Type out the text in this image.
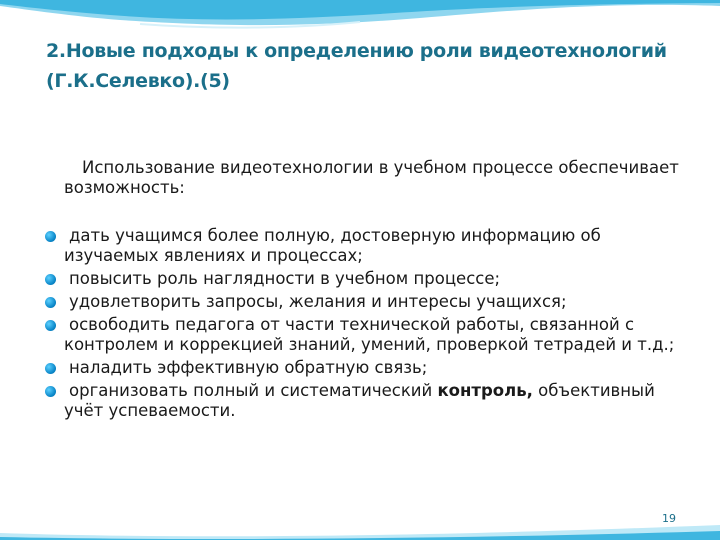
2.Новые подходы к определению роли видеотехнологий (Г.К.Селевко).(5)

Использование видеотехнологии в учебном процессе обеспечивает возможность:

дать учащимся более полную, достоверную информацию об изучаемых явлениях и процессах;
повысить роль наглядности в учебном процессе;
удовлетворить запросы, желания и интересы учащихся;
освободить педагога от части технической работы, связанной с контролем и коррекцией знаний, умений, проверкой тетрадей и т.д.;
наладить эффективную обратную связь;
организовать полный и систематический контроль, объективный учёт успеваемости.
19
